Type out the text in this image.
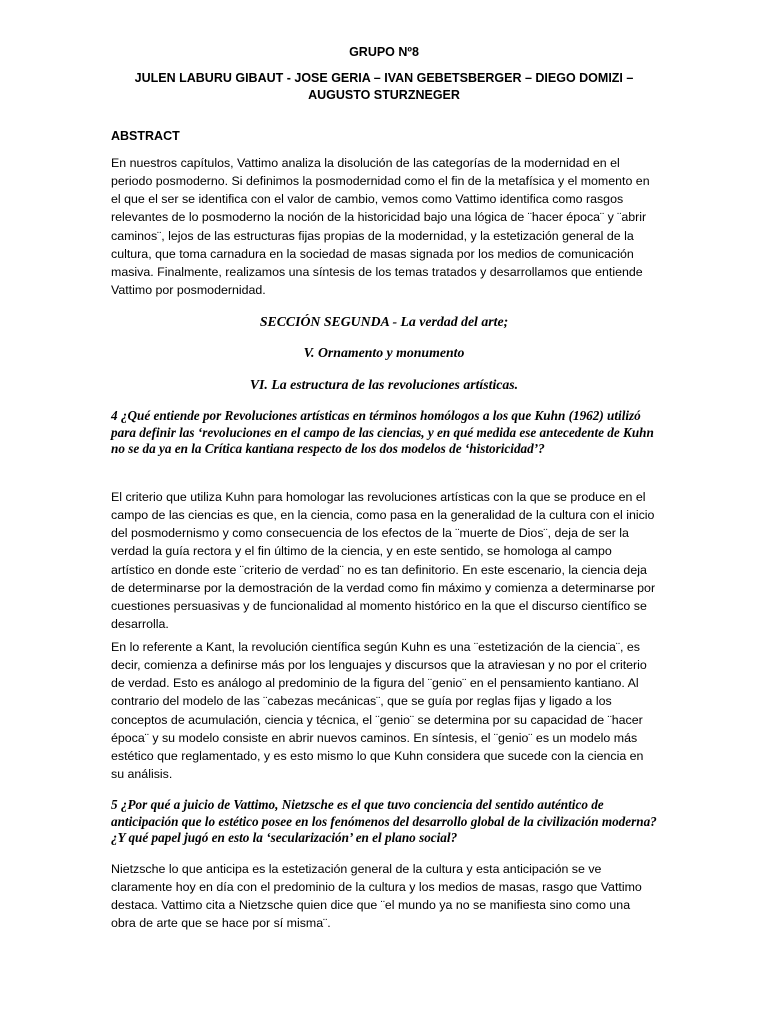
GRUPO Nº8

JULEN LABURU GIBAUT - JOSE GERIA – IVAN GEBETSBERGER – DIEGO DOMIZI – AUGUSTO STURZNEGER

ABSTRACT

En nuestros capítulos, Vattimo analiza la disolución de las categorías de la modernidad en el periodo posmoderno. Si definimos la posmodernidad como el fin de la metafísica y el momento en el que el ser se identifica con el valor de cambio, vemos como Vattimo identifica como rasgos relevantes de lo posmoderno la noción de la historicidad bajo una lógica de ¨hacer época¨ y ¨abrir caminos¨, lejos de las estructuras fijas propias de la modernidad, y la estetización general de la cultura, que toma carnadura en la sociedad de masas signada por los medios de comunicación masiva. Finalmente, realizamos una síntesis de los temas tratados y desarrollamos que entiende Vattimo por posmodernidad.

SECCIÓN SEGUNDA - La verdad del arte;

V. Ornamento y monumento

VI. La estructura de las revoluciones artísticas.

4 ¿Qué entiende por Revoluciones artísticas en términos homólogos a los que Kuhn (1962) utilizó para definir las ‘revoluciones en el campo de las ciencias, y en qué medida ese antecedente de Kuhn no se da ya en la Crítica kantiana respecto de los dos modelos de ‘historicidad’?

El criterio que utiliza Kuhn para homologar las revoluciones artísticas con la que se produce en el campo de las ciencias es que, en la ciencia, como pasa en la generalidad de la cultura con el inicio del posmodernismo y como consecuencia de los efectos de la ¨muerte de Dios¨, deja de ser la verdad la guía rectora y el fin último de la ciencia, y en este sentido, se homologa al campo artístico en donde este ¨criterio de verdad¨ no es tan definitorio. En este escenario, la ciencia deja de determinarse por la demostración de la verdad como fin máximo y comienza a determinarse por cuestiones persuasivas y de funcionalidad al momento histórico en la que el discurso científico se desarrolla.

En lo referente a Kant, la revolución científica según Kuhn es una ¨estetización de la ciencia¨, es decir, comienza a definirse más por los lenguajes y discursos que la atraviesan y no por el criterio de verdad. Esto es análogo al predominio de la figura del ¨genio¨ en el pensamiento kantiano. Al contrario del modelo de las ¨cabezas mecánicas¨, que se guía por reglas fijas y ligado a los conceptos de acumulación, ciencia y técnica, el ¨genio¨ se determina por su capacidad de ¨hacer época¨ y su modelo consiste en abrir nuevos caminos. En síntesis, el ¨genio¨ es un modelo más estético que reglamentado, y es esto mismo lo que Kuhn considera que sucede con la ciencia en su análisis.

5 ¿Por qué a juicio de Vattimo, Nietzsche es el que tuvo conciencia del sentido auténtico de anticipación que lo estético posee en los fenómenos del desarrollo global de la civilización moderna? ¿Y qué papel jugó en esto la ‘secularización’ en el plano social?

Nietzsche lo que anticipa es la estetización general de la cultura y esta anticipación se ve claramente hoy en día con el predominio de la cultura y los medios de masas, rasgo que Vattimo destaca. Vattimo cita a Nietzsche quien dice que ¨el mundo ya no se manifiesta sino como una obra de arte que se hace por sí misma¨.
